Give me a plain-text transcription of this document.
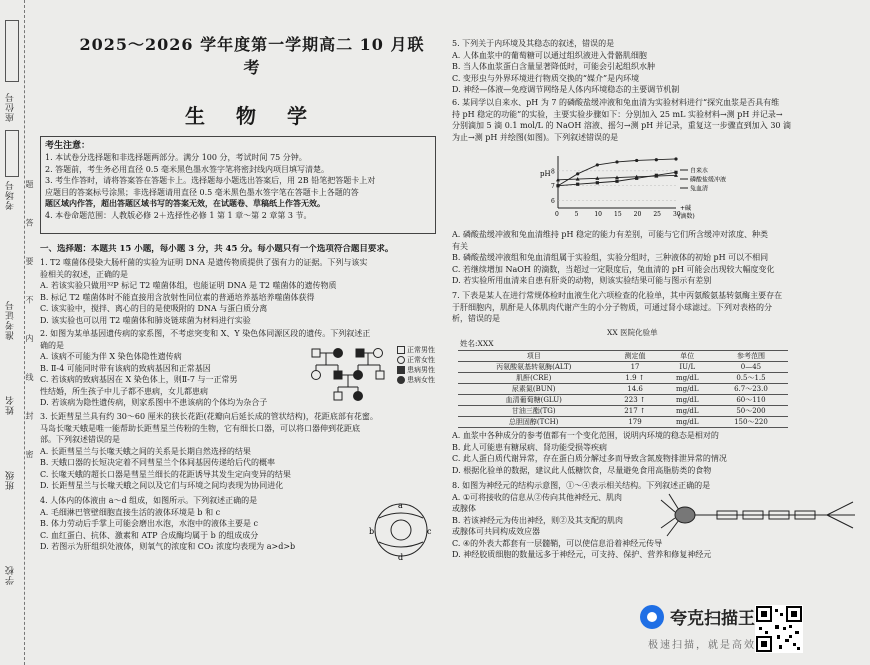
座位号
考场号
准考证号
姓名
班级
学校
题 答 要 不 内 线 封 密
2025～2026 学年度第一学期高二 10 月联考
生 物 学
考生注意：
1. 本试卷分选择题和非选择题两部分。满分 100 分，考试时间 75 分钟。
2. 答题前，考生务必用直径 0.5 毫米黑色墨水签字笔将密封线内项目填写清楚。
3. 考生作答时，请将答案答在答题卡上。选择题每小题选出答案后，用 2B 铅笔把答题卡上对
应题目的答案标号涂黑；非选择题请用直径 0.5 毫米黑色墨水签字笔在答题卡上各题的答
题区域内作答，超出答题区域书写的答案无效，在试题卷、草稿纸上作答无效。
4. 本卷命题范围：人教版必修 2＋选择性必修 1 第 1 章～第 2 章第 3 节。
一、选择题：本题共 15 小题，每小题 3 分，共 45 分。每小题只有一个选项符合题目要求。
1. T2 噬菌体侵染大肠杆菌的实验为证明 DNA 是遗传物质提供了强有力的证据。下列与该实
验相关的叙述，正确的是
A. 若该实验只做用³²P 标记 T2 噬菌体组，也能证明 DNA 是 T2 噬菌体的遗传物质
B. 标记 T2 噬菌体时不能直接用含放射性同位素的普通培养基培养噬菌体获得
C. 该实验中，搅拌、离心的目的是使吸附的 DNA 与蛋白质分离
D. 该实验也可以用 T2 噬菌体和肺炎链球菌为材料进行实验
2. 如图为某单基因遗传病的家系图，不考虑突变和 X、Y 染色体同源区段的遗传。下列叙述正
确的是
A. 该病不可能为伴 X 染色体隐性遗传病
B. Ⅱ-4 可能同时带有该病的致病基因和正常基因
C. 若该病的致病基因在 X 染色体上，则Ⅱ-7 与一正常男
性结婚，所生孩子中儿子都不患病，女儿都患病
D. 若该病为隐性遗传病，则家系图中不患该病的个体均为杂合子
正常男性
正常女性
患病男性
患病女性
3. 长距彗星兰具有约 30～60 厘米的狭长花距(花瓣向后延长成的管状结构)，花距底部有花蜜。
马岛长喙天蛾是唯一能帮助长距彗星兰传粉的生物，它有细长口器，可以将口器伸到花距底
部。下列叙述错误的是
A. 长距彗星兰与长喙天蛾之间的关系是长期自然选择的结果
B. 天蛾口器的长短决定着不同彗星兰个体间基因传递给后代的概率
C. 长喙天蛾的超长口器是彗星兰细长的花距诱导其发生定向变异的结果
D. 长距彗星兰与长喙天蛾之间以及它们与环境之间均表现为协同进化
4. 人体内的体液由 a～d 组成，如图所示。下列叙述正确的是
A. 毛细淋巴管壁细胞直接生活的液体环境是 b 和 c
B. 体力劳动后手掌上可能会磨出水泡，水泡中的液体主要是 c
C. 血红蛋白、抗体、激素和 ATP 合成酶均属于 b 的组成成分
D. 若图示为肝组织处液体，则氧气的浓度和 CO₂ 浓度均表现为 a>d>b
a
b	c
d
5. 下列关于内环境及其稳态的叙述，错误的是
A. 人体血浆中的葡萄糖可以通过组织液进入骨骼肌细胞
B. 当人体血浆蛋白含量显著降低时，可能会引起组织水肿
C. 变形虫与外界环境进行物质交换的“媒介”是内环境
D. 神经—体液—免疫调节网络是人体内环境稳态的主要调节机制
6. 某同学以自来水、pH 为 7 的磷酸盐缓冲液和兔血清为实验材料进行“探究血浆是否具有维
持 pH 稳定的功能”的实验，主要实验步骤如下：分别加入 25 mL 实验材料→测 pH 并记录→
分别滴加 5 滴 0.1 mol/L 的 NaOH 溶液、摇匀→测 pH 并记录，重复这一步骤直到加入 30 滴
为止→测 pH 并绘图(如图)。下列叙述错误的是
pH 8
7
6
0	5	10 15 20 25 30
+碱
(滴数)
自来水
磷酸盐缓冲液
兔血清
A. 磷酸盐缓冲液和兔血清维持 pH 稳定的能力有差别，可能与它们所含缓冲对浓度、种类
有关
B. 磷酸盐缓冲液组和兔血清组属于实验组，实验分组时，三种液体的初始 pH 可以不相同
C. 若继续增加 NaOH 的滴数，当超过一定限度后，兔血清的 pH 可能会出现较大幅度变化
D. 若实验所用血清来自患有肝炎的动物，则该实验结果可能与图示有差别
7. 下表是某人在进行常规体检时血液生化六项检查的化验单，其中丙氨酸氨基转氨酶主要存在
于肝细胞内，肌酐是人体肌肉代谢产生的小分子物质，可通过肾小球滤过。下列对表格的分
析，错误的是
XX 医院化验单
姓名:XXX
项目	测定值	单位	参考范围
丙氨酸氨基转氨酶(ALT)	17	IU/L	0—45
肌酐(CRE)	1.9 ↑	mg/dL	0.5～1.5
尿素氮(BUN)	14.6	mg/dL	6.7～23.0
血清葡萄糖(GLU)	223 ↑	mg/dL	60～110
甘油三酯(TG)	217 ↑	mg/dL	50～200
总胆固醇(TCH)	179	mg/dL	150～220
A. 血浆中各种成分的参考值都有一个变化范围，说明内环境的稳态是相对的
B. 此人可能患有糖尿病、肾功能受损等疾病
C. 此人蛋白质代谢异常，存在蛋白质分解过多而导致含氮废物排泄异常的情况
D. 根据化验单的数据，建议此人低糖饮食，尽量避免食用高脂肪类的食物
8. 如图为神经元的结构示意图，①～④表示相关结构。下列叙述正确的是
A. ①可将接收的信息从②传向其他神经元、肌肉
或腺体
B. 若该神经元为传出神经，则②及其支配的肌肉
或腺体可共同构成效应器
C. ④的外表大都套有一层髓鞘，可以使信息沿着神经元传导
D. 神经胶质细胞的数量远多于神经元，可支持、保护、营养和修复神经元
夸克扫描王
极速扫描，就是高效
